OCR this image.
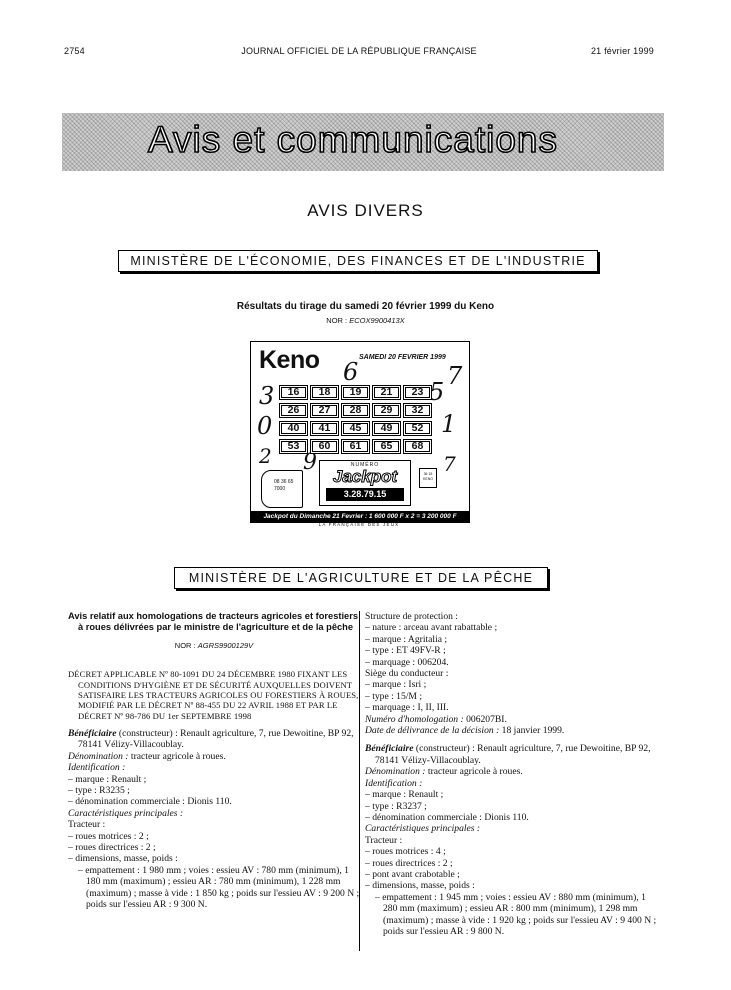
2754	JOURNAL OFFICIEL DE LA RÉPUBLIQUE FRANÇAISE	21 février 1999
Avis et communications
AVIS DIVERS
MINISTÈRE DE L'ÉCONOMIE, DES FINANCES ET DE L'INDUSTRIE
Résultats du tirage du samedi 20 février 1999 du Keno
NOR : ECOX9900413X
Keno	SAMEDI 20 FEVRIER 1999
6	7
3	5
0	1
2 9	7
16	18	19	21	23
26	27	28	29	32
40	41	45	49	52
53	60	61	65	68
08 36 65 7000
NUMÉRO
Jackpot
3.28.79.15
36 15 KENO
Jackpot du Dimanche 21 Fevrier : 1 600 000 F x 2 = 3 200 000 F
LA FRANÇAISE DES JEUX
MINISTÈRE DE L'AGRICULTURE ET DE LA PÊCHE

Avis relatif aux homologations de tracteurs agricoles et forestiers à roues délivrées par le ministre de l'agriculture et de la pêche

NOR : AGRS9900129V

DÉCRET APPLICABLE Nº 80-1091 DU 24 DÉCEMBRE 1980 FIXANT LES CONDITIONS D'HYGIÈNE ET DE SÉCURITÉ AUXQUELLES DOIVENT SATISFAIRE LES TRACTEURS AGRICOLES OU FORESTIERS À ROUES, MODIFIÉ PAR LE DÉCRET Nº 88-455 DU 22 AVRIL 1988 ET PAR LE DÉCRET Nº 98-786 DU 1er SEPTEMBRE 1998

Bénéficiaire (constructeur) : Renault agriculture, 7, rue Dewoitine, BP 92, 78141 Vélizy-Villacoublay.

Dénomination : tracteur agricole à roues.

Identification :

– marque : Renault ;

– type : R3235 ;

– dénomination commerciale : Dionis 110.

Caractéristiques principales :

Tracteur :

– roues motrices : 2 ;

– roues directrices : 2 ;

– dimensions, masse, poids :

– empattement : 1 980 mm ; voies : essieu AV : 780 mm (minimum), 1 180 mm (maximum) ; essieu AR : 780 mm (minimum), 1 228 mm (maximum) ; masse à vide : 1 850 kg ; poids sur l'essieu AV : 9 200 N ; poids sur l'essieu AR : 9 300 N.

Structure de protection :

– nature : arceau avant rabattable ;

– marque : Agritalia ;

– type : ET 49FV-R ;

– marquage : 006204.

Siège du conducteur :

– marque : Isri ;

– type : 15/M ;

– marquage : I, II, III.

Numéro d'homologation : 006207BI.

Date de délivrance de la décision : 18 janvier 1999.

Bénéficiaire (constructeur) : Renault agriculture, 7, rue Dewoitine, BP 92, 78141 Vélizy-Villacoublay.

Dénomination : tracteur agricole à roues.

Identification :

– marque : Renault ;

– type : R3237 ;

– dénomination commerciale : Dionis 110.

Caractéristiques principales :

Tracteur :

– roues motrices : 4 ;

– roues directrices : 2 ;

– pont avant crabotable ;

– dimensions, masse, poids :

– empattement : 1 945 mm ; voies : essieu AV : 880 mm (minimum), 1 280 mm (maximum) ; essieu AR : 800 mm (minimum), 1 298 mm (maximum) ; masse à vide : 1 920 kg ; poids sur l'essieu AV : 9 400 N ; poids sur l'essieu AR : 9 800 N.
